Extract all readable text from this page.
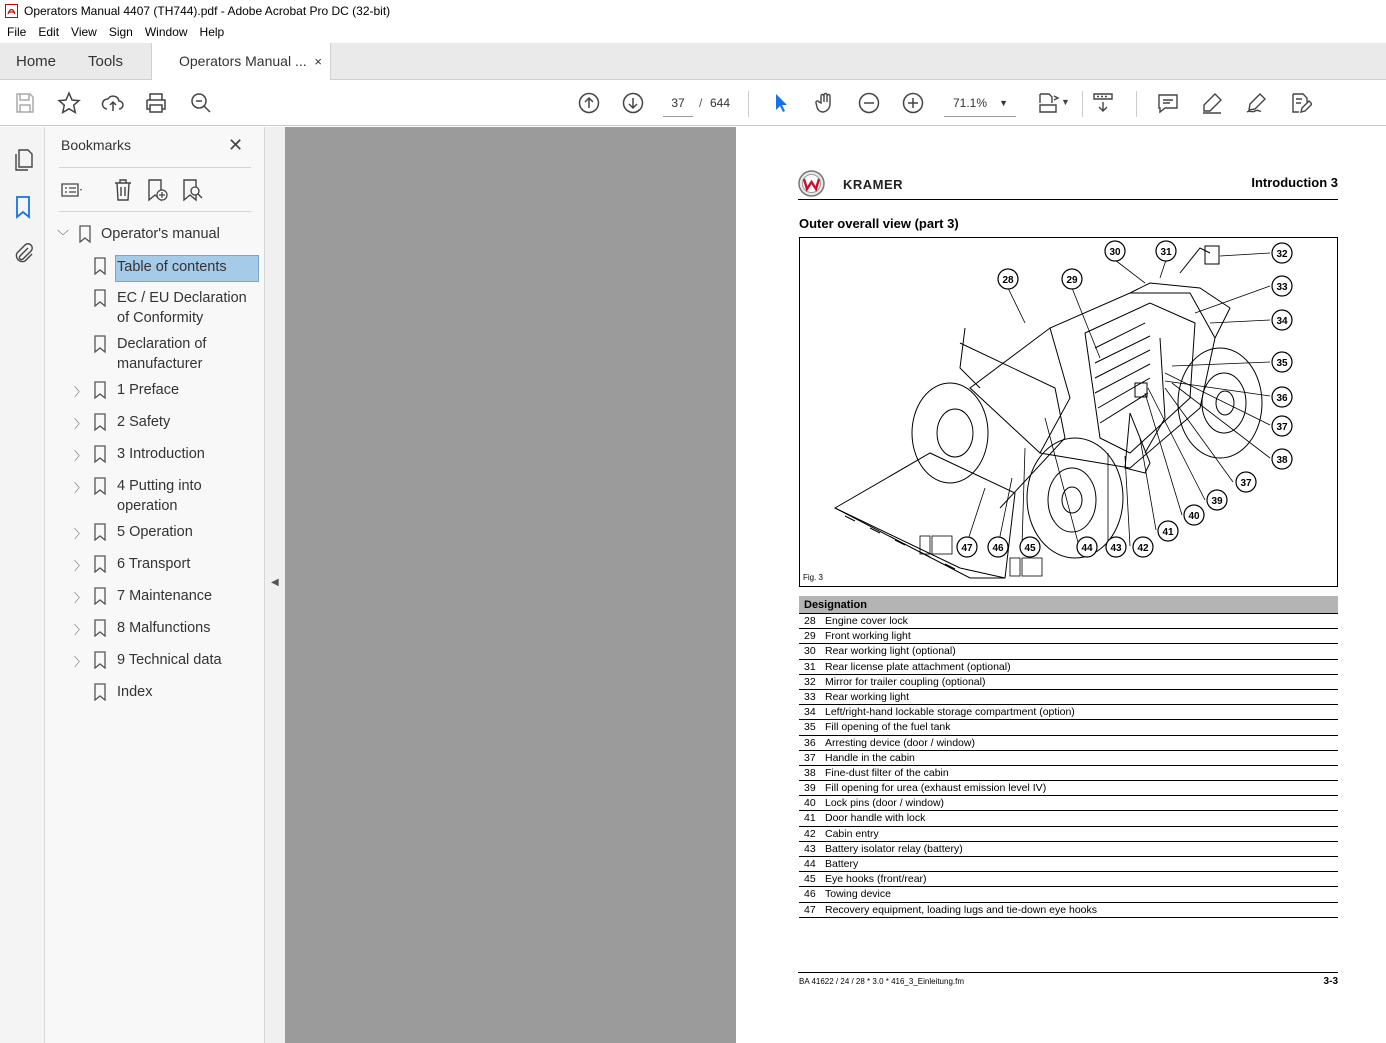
Operators Manual 4407 (TH744).pdf - Adobe Acrobat Pro DC (32-bit)
File Edit View Sign Window Help
Home Tools	Operators Manual ... ×
37	/ 644	71.1% ▼	▼
Bookmarks	✕
﹀ Operator's manual
Table of contents
EC / EU Declaration of Conformity
Declaration of manufacturer
〉 1 Preface
〉 2 Safety
〉 3 Introduction
〉 4 Putting into operation
〉 5 Operation
〉 6 Transport
〉 7 Maintenance
〉 8 Malfunctions
〉 9 Technical data
Index
◀
KRAMER	Introduction 3
Outer overall view (part 3)
28	29
30	31	32
33
34
35
36
37
38
37
39
40
41
42
43
44
45
46
47
Fig. 3
Designation
28 Engine cover lock
29 Front working light
30 Rear working light (optional)
31 Rear license plate attachment (optional)
32 Mirror for trailer coupling (optional)
33 Rear working light
34 Left/right-hand lockable storage compartment (option)
35 Fill opening of the fuel tank
36 Arresting device (door / window)
37 Handle in the cabin
38 Fine-dust filter of the cabin
39 Fill opening for urea (exhaust emission level IV)
40 Lock pins (door / window)
41 Door handle with lock
42 Cabin entry
43 Battery isolator relay (battery)
44 Battery
45 Eye hooks (front/rear)
46 Towing device
47 Recovery equipment, loading lugs and tie-down eye hooks
BA 41622 / 24 / 28 * 3.0 * 416_3_Einleitung.fm	3-3
